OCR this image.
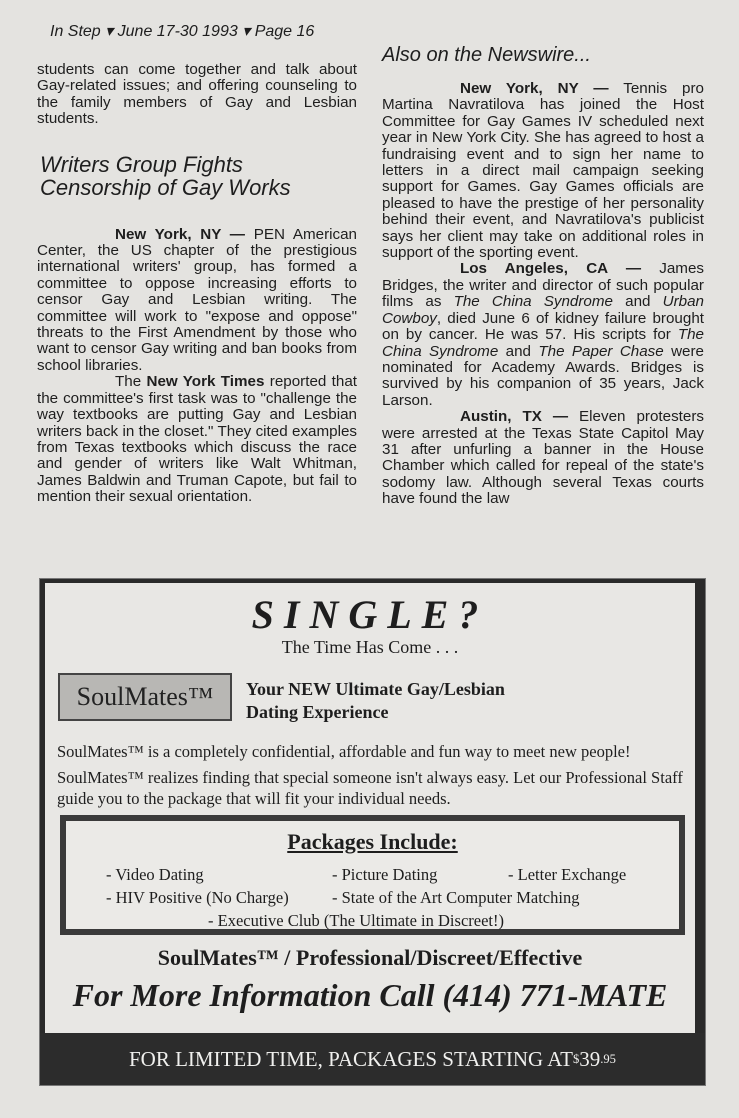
In Step ▾ June 17-30 1993 ▾ Page 16

students can come together and talk about Gay-related issues; and offering counseling to the family members of Gay and Lesbian students.

Writers Group Fights Censorship of Gay Works

New York, NY — PEN American Center, the US chapter of the prestigious international writers' group, has formed a committee to oppose increasing efforts to censor Gay and Lesbian writing. The committee will work to "expose and oppose" threats to the First Amendment by those who want to censor Gay writing and ban books from school libraries.

The New York Times reported that the committee's first task was to "challenge the way textbooks are putting Gay and Lesbian writers back in the closet." They cited examples from Texas textbooks which discuss the race and gender of writers like Walt Whitman, James Baldwin and Truman Capote, but fail to mention their sexual orientation.

Also on the Newswire...

New York, NY — Tennis pro Martina Navratilova has joined the Host Committee for Gay Games IV scheduled next year in New York City. She has agreed to host a fundraising event and to sign her name to letters in a direct mail campaign seeking support for Games. Gay Games officials are pleased to have the prestige of her personality behind their event, and Navratilova's publicist says her client may take on additional roles in support of the sporting event.

Los Angeles, CA — James Bridges, the writer and director of such popular films as The China Syndrome and Urban Cowboy, died June 6 of kidney failure brought on by cancer. He was 57. His scripts for The China Syndrome and The Paper Chase were nominated for Academy Awards. Bridges is survived by his companion of 35 years, Jack Larson.

Austin, TX — Eleven protesters were arrested at the Texas State Capitol May 31 after unfurling a banner in the House Chamber which called for repeal of the state's sodomy law. Although several Texas courts have found the law

SINGLE?
The Time Has Come . . .
SoulMates™ Your NEW Ultimate Gay/Lesbian
Dating Experience
SoulMates™ is a completely confidential, affordable and fun way to meet new people!
SoulMates™ realizes finding that special someone isn't always easy. Let our Professional Staff guide you to the package that will fit your individual needs.
Packages Include:
- Video Dating	- Picture Dating	- Letter Exchange
- HIV Positive (No Charge)	- State of the Art Computer Matching
- Executive Club (The Ultimate in Discreet!)
SoulMates™ / Professional/Discreet/Effective
For More Information Call (414) 771-MATE
FOR LIMITED TIME, PACKAGES STARTING AT $ 39 .95
